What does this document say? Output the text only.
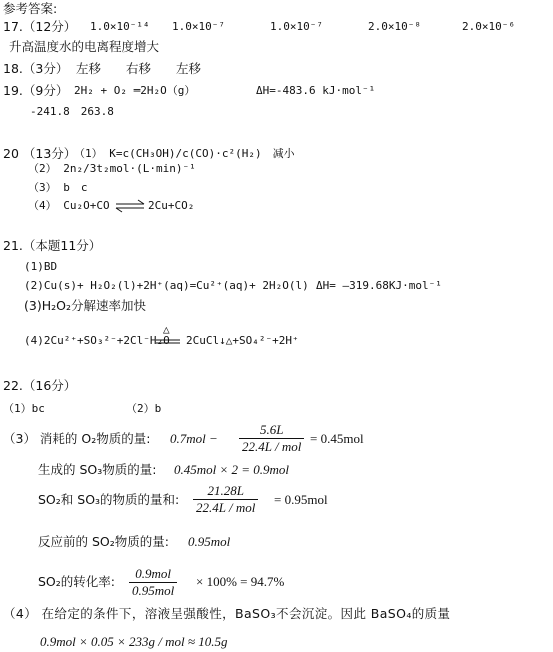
参考答案:
17.（12分） 1.0×10⁻¹⁴ 1.0×10⁻⁷	1.0×10⁻⁷	2.0×10⁻⁸	2.0×10⁻⁶
升高温度水的电离程度增大
18.（3分） 左移　　右移　　左移
19.（9分） 2H₂ + O₂ ═2H₂O（g）	ΔH=-483.6 kJ·mol⁻¹
-241.8　263.8
20 （13分）
（1） K=c(CH₃OH)/c(CO)·c²(H₂)　减小
（2） 2n₂/3t₂mol·(L·min)⁻¹
（3） b　c
（4） Cu₂O+CO ⇌ 2Cu+CO₂
21.（本题11分）
(1)BD
(2)Cu(s)+ H₂O₂(l)+2H⁺(aq)=Cu²⁺(aq)+ 2H₂O(l) ΔH= —319.68KJ·mol⁻¹
(3)H₂O₂分解速率加快
(4)2Cu²⁺+SO₃²⁻+2Cl⁻H₂O
△
2CuCl↓△+SO₄²⁻+2H⁺
22.（16分）
（1）bc	（2）b
（3） 消耗的 O₂物质的量: $0.7mol - \frac{5.6L}{\text{22.4L / mol}} = 0.45mol$
生成的 SO₃物质的量: 0.45mol × 2 = 0.9mol
SO₂和 SO₃的物质的量和: $\frac{21.28L}{\text{22.4L / mol}} = 0.95mol$
反应前的 SO₂物质的量: 0.95mol
SO₂的转化率: $\frac{\text{0.9mol}}{\text{0.95mol}} \times 100\% = 94.7\%$
（4） 在给定的条件下，溶液呈强酸性，BaSO₃不会沉淀。因此 BaSO₄的质量
0.9mol × 0.05 × 233g / mol ≈ 10.5g
